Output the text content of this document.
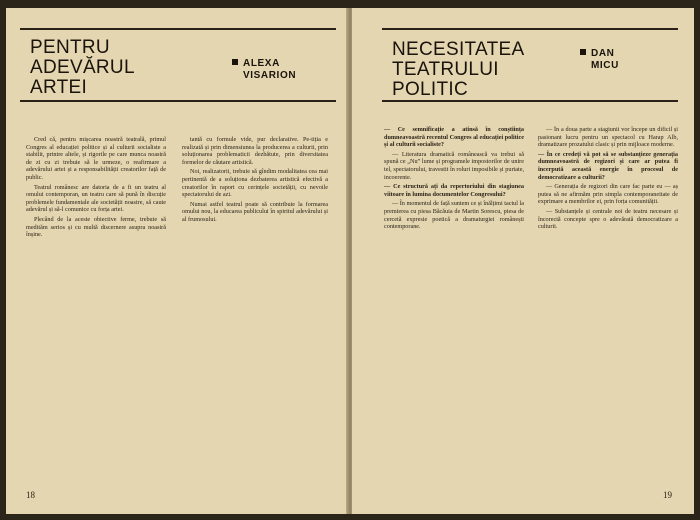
PENTRU
ADEVĂRUL ARTEI
ALEXA
VISARION

Cred că, pentru mișcarea noastră teatrală, primul Congres al educației politice și al culturii socialiste a stabilit, printre altele, și rigorile pe care munca noastră de zi cu zi trebuie să le urmeze, o reafirmare a adevărului artei și a responsabilității creatorilor față de public.

Teatrul românesc are datoria de a fi un teatru al omului contemporan, un teatru care să pună în discuție problemele fundamentale ale societății noastre, să caute adevărul și să-l comunice cu forța artei.

Plecând de la aceste obiective ferme, trebuie să medităm serios și cu multă discernere asupra noastră înșine.

tantă cu formule vide, pur declarative. Pe-tiția e realizată și prin dimensiunea la producerea a culturii, prin soluționarea problematicii dezbătute, prin diversitatea formelor de căutare artistică.

Noi, realizatorii, trebuie să gîndim modalitatea cea mai pertinentă de a soluționa dezbaterea artistică efectivă a creatorilor în raport cu cerințele societății, cu nevoile spectatorului de azi.

Numai astfel teatrul poate să contribuie la formarea omului nou, la educarea publicului în spiritul adevărului și al frumosului.

18
NECESITATEA
TEATRULUI POLITIC
DAN
MICU

— Ce semnificație a atinsă în conștiința dumneavoastră recentul Congres al educației politice și al culturii socialiste?

— Literatura dramatică românească va trebui să spună ce „Nu” lume și programele impostorilor de unire tel, spectatorului, travestit în roluri imposibile și purtate, incoerente.

— Ce structură ați da repertoriului din stagiunea viitoare în lumina documentelor Congresului?

— În momentul de față suntem ce și înălțimi tactul la premierea cu piesa Băcăuia de Martin Sorescu, piesa de cercetă expresie poetică a dramaturgiei românești contemporane.

— În a doua parte a stagiunii vor începe un dificil și pasionant lucru pentru un spectacol cu Harap Alb, dramatizare prozatului clasic și prin mijloace moderne.

— În ce credeți vă pot să se substanțieze generația dumneavoastră de regizori și care ar putea fi încerpută această energie în procesul de democratizare a culturii?

— Generația de regizori din care fac parte eu — aș putea să ne afirmăm prin simpla contemporaneitate de exprimare a membrilor ei, prin forța comunității.

— Substanțele și centrale noi de teatru necesare și încorectă concepte spre o adevărată democratizare a culturii.

19
